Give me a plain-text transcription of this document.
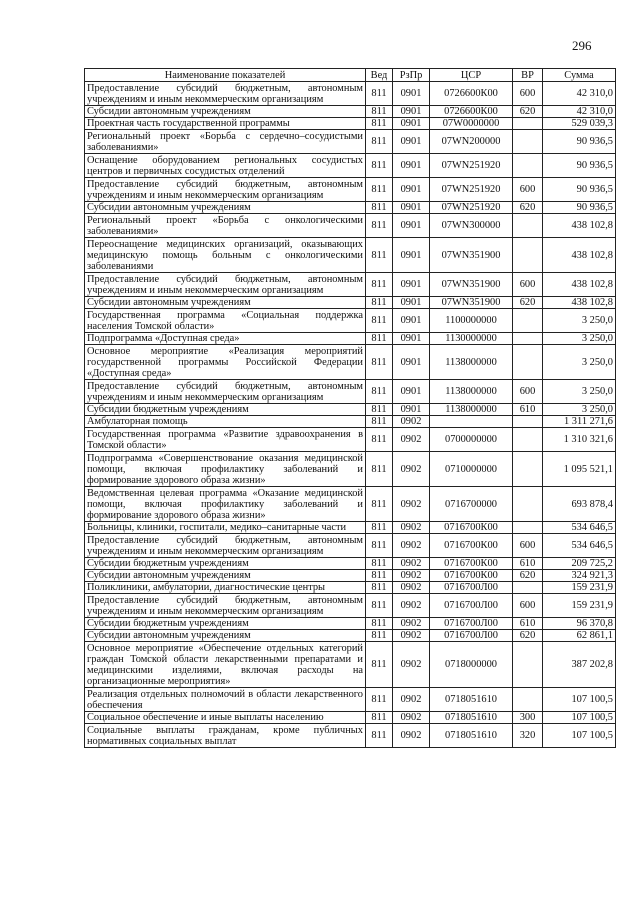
296
Наименование показателей	Вед	РзПр	ЦСР	ВР	Сумма
Предоставление субсидий бюджетным, автономным учреждениям и иным некоммерческим организациям	811	0901	0726600К00	600	42 310,0
Субсидии автономным учреждениям	811	0901	0726600К00	620	42 310,0
Проектная часть государственной программы	811	0901	07W0000000		529 039,3
Региональный проект «Борьба с сердечно–сосудистыми заболеваниями»	811	0901	07WN200000		90 936,5
Оснащение оборудованием региональных сосудистых центров и первичных сосудистых отделений	811	0901	07WN251920		90 936,5
Предоставление субсидий бюджетным, автономным учреждениям и иным некоммерческим организациям	811	0901	07WN251920	600	90 936,5
Субсидии автономным учреждениям	811	0901	07WN251920	620	90 936,5
Региональный проект «Борьба с онкологическими заболеваниями»	811	0901	07WN300000		438 102,8
Переоснащение медицинских организаций, оказывающих медицинскую помощь больным с онкологическими заболеваниями	811	0901	07WN351900		438 102,8
Предоставление субсидий бюджетным, автономным учреждениям и иным некоммерческим организациям	811	0901	07WN351900	600	438 102,8
Субсидии автономным учреждениям	811	0901	07WN351900	620	438 102,8
Государственная программа «Социальная поддержка населения Томской области»	811	0901	1100000000		3 250,0
Подпрограмма «Доступная среда»	811	0901	1130000000		3 250,0
Основное мероприятие «Реализация мероприятий государственной программы Российской Федерации «Доступная среда»	811	0901	1138000000		3 250,0
Предоставление субсидий бюджетным, автономным учреждениям и иным некоммерческим организациям	811	0901	1138000000	600	3 250,0
Субсидии бюджетным учреждениям	811	0901	1138000000	610	3 250,0
Амбулаторная помощь	811	0902			1 311 271,6
Государственная программа «Развитие здравоохранения в Томской области»	811	0902	0700000000		1 310 321,6
Подпрограмма «Совершенствование оказания медицинской помощи, включая профилактику заболеваний и формирование здорового образа жизни»	811	0902	0710000000		1 095 521,1
Ведомственная целевая программа «Оказание медицинской помощи, включая профилактику заболеваний и формирование здорового образа жизни»	811	0902	0716700000		693 878,4
Больницы, клиники, госпитали, медико–санитарные части	811	0902	0716700К00		534 646,5
Предоставление субсидий бюджетным, автономным учреждениям и иным некоммерческим организациям	811	0902	0716700К00	600	534 646,5
Субсидии бюджетным учреждениям	811	0902	0716700К00	610	209 725,2
Субсидии автономным учреждениям	811	0902	0716700К00	620	324 921,3
Поликлиники, амбулатории, диагностические центры	811	0902	0716700Л00		159 231,9
Предоставление субсидий бюджетным, автономным учреждениям и иным некоммерческим организациям	811	0902	0716700Л00	600	159 231,9
Субсидии бюджетным учреждениям	811	0902	0716700Л00	610	96 370,8
Субсидии автономным учреждениям	811	0902	0716700Л00	620	62 861,1
Основное мероприятие «Обеспечение отдельных категорий граждан Томской области лекарственными препаратами и медицинскими изделиями, включая расходы на организационные мероприятия»	811	0902	0718000000		387 202,8
Реализация отдельных полномочий в области лекарственного обеспечения	811	0902	0718051610		107 100,5
Социальное обеспечение и иные выплаты населению	811	0902	0718051610	300	107 100,5
Социальные выплаты гражданам, кроме публичных нормативных социальных выплат	811	0902	0718051610	320	107 100,5
